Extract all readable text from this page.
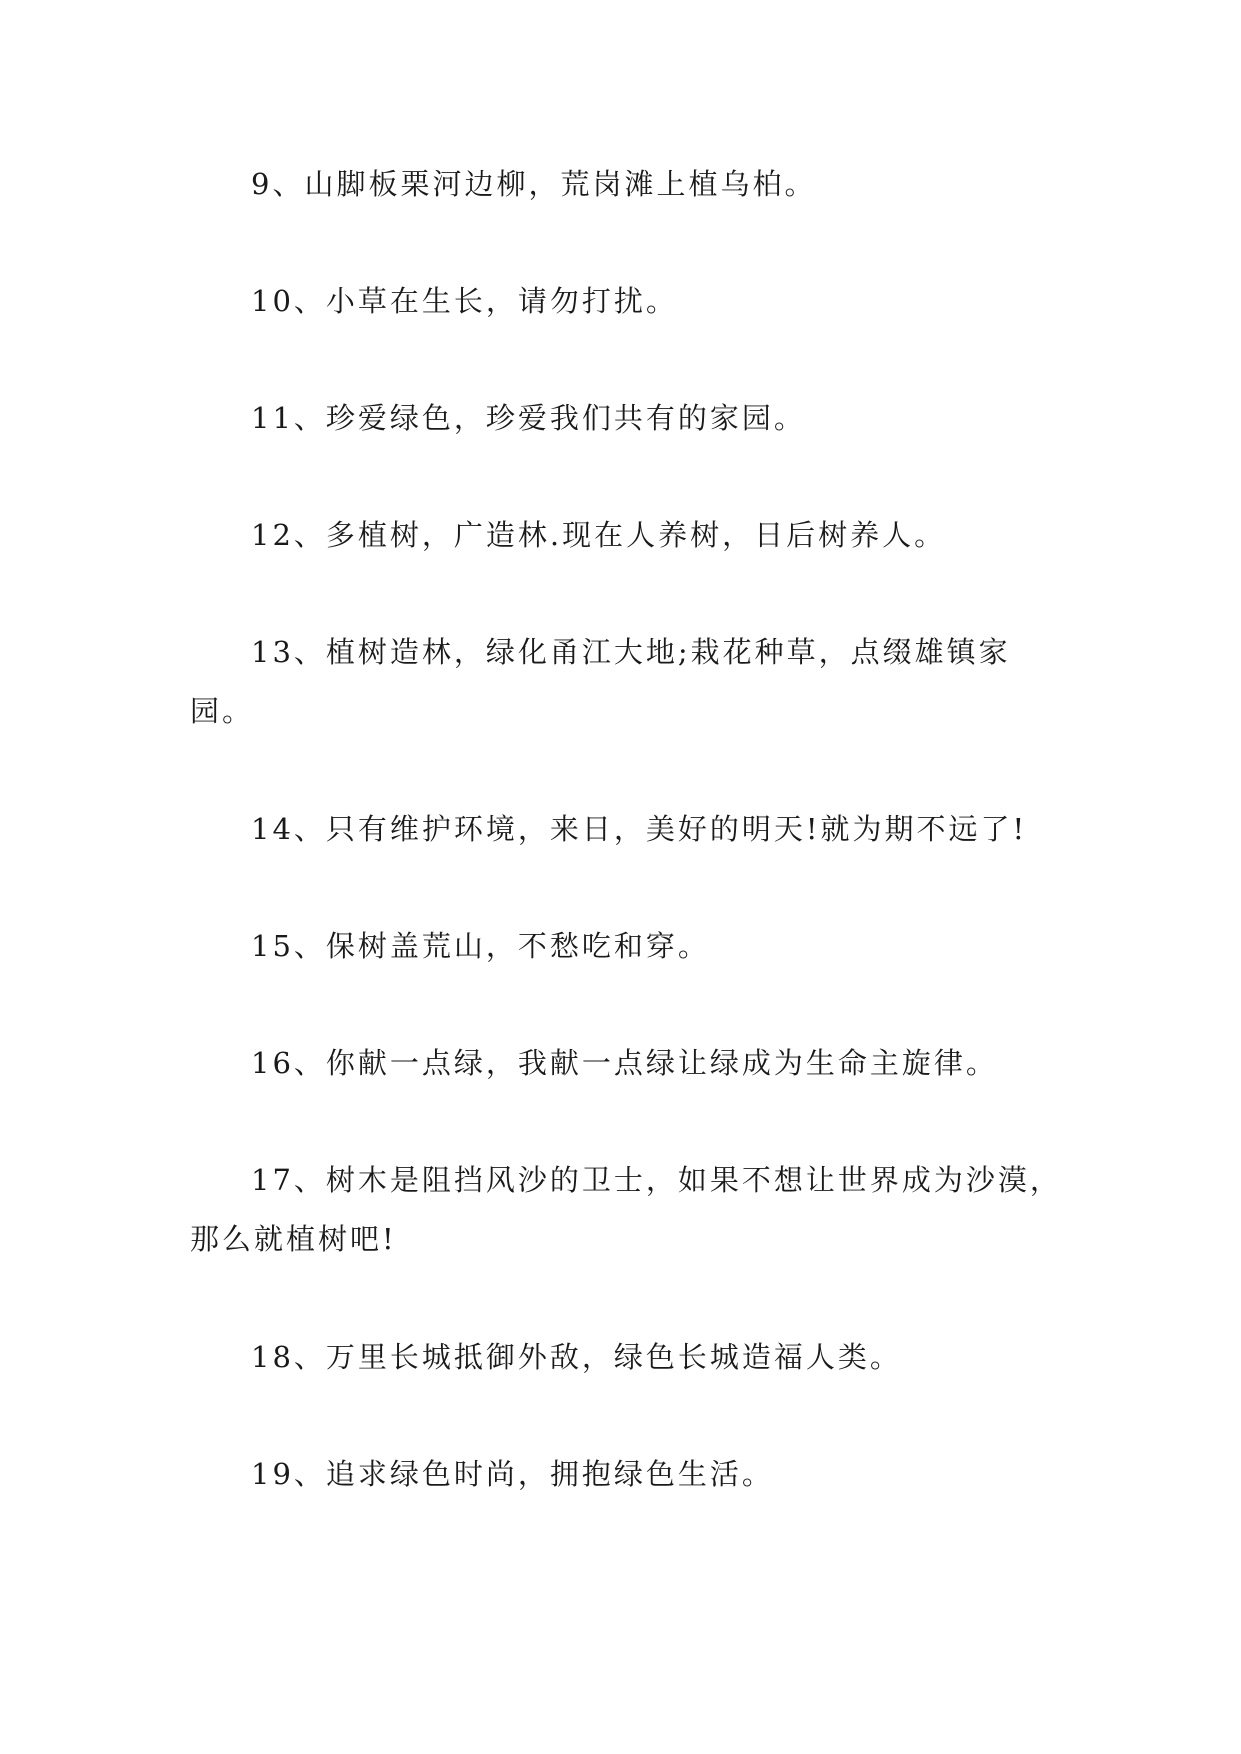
9、山脚板栗河边柳，荒岗滩上植乌柏。

10、小草在生长，请勿打扰。

11、珍爱绿色，珍爱我们共有的家园。

12、多植树，广造林.现在人养树，日后树养人。

13、植树造林，绿化甬江大地;栽花种草，点缀雄镇家园。

14、只有维护环境，来日，美好的明天!就为期不远了!

15、保树盖荒山，不愁吃和穿。

16、你献一点绿，我献一点绿让绿成为生命主旋律。

17、树木是阻挡风沙的卫士，如果不想让世界成为沙漠，那么就植树吧!

18、万里长城抵御外敌，绿色长城造福人类。

19、追求绿色时尚，拥抱绿色生活。
